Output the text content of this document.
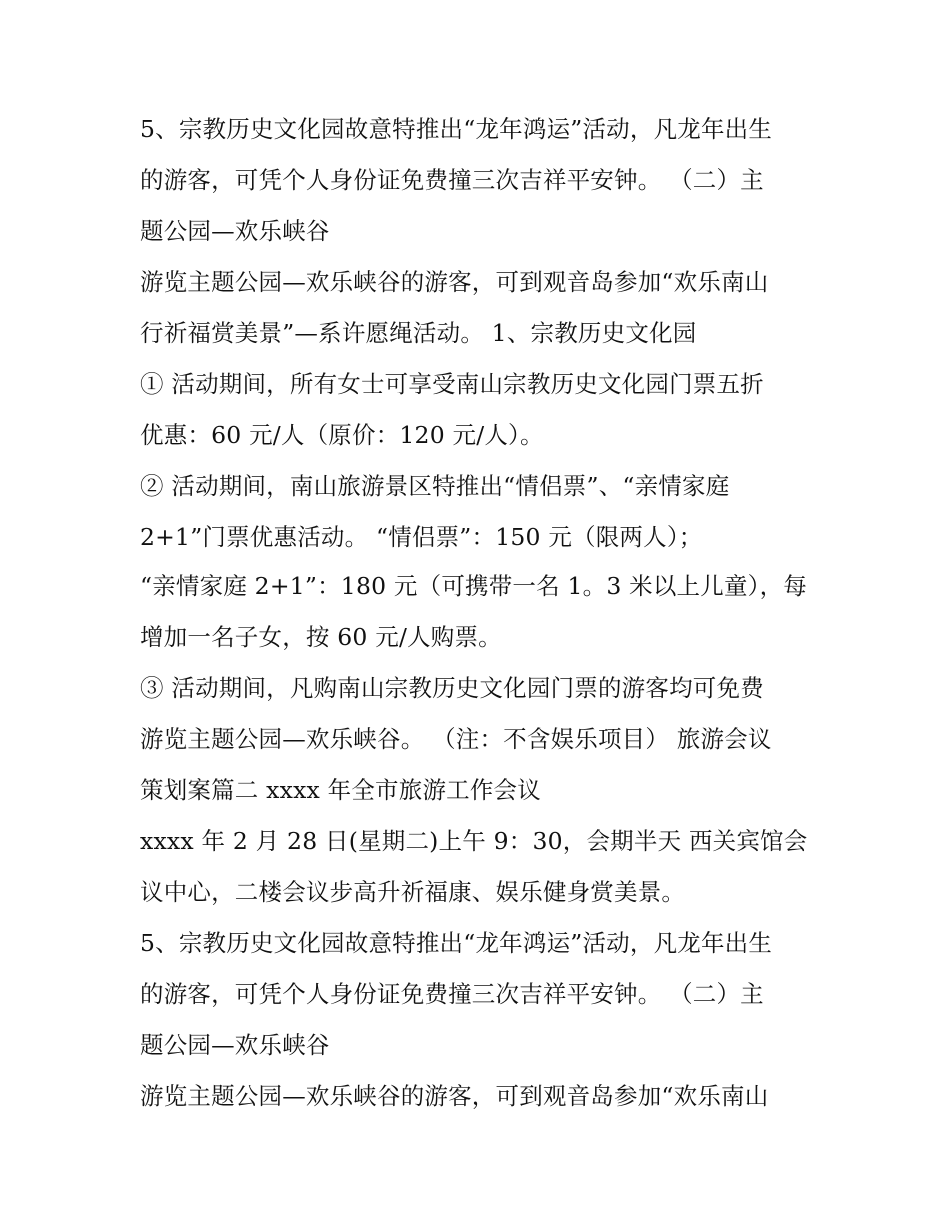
5、宗教历史文化园故意特推出“龙年鸿运”活动，凡龙年出生
的游客，可凭个人身份证免费撞三次吉祥平安钟。 （二）主
题公园—欢乐峡谷
游览主题公园—欢乐峡谷的游客，可到观音岛参加“欢乐南山
行祈福赏美景”—系许愿绳活动。 1、宗教历史文化园
① 活动期间，所有女士可享受南山宗教历史文化园门票五折
优惠：60 元/人（原价：120 元/人）。
② 活动期间，南山旅游景区特推出“情侣票”、“亲情家庭
2+1”门票优惠活动。 “情侣票”：150 元（限两人）；
“亲情家庭 2+1”：180 元（可携带一名 1。3 米以上儿童），每
增加一名子女，按 60 元/人购票。
③ 活动期间，凡购南山宗教历史文化园门票的游客均可免费
游览主题公园—欢乐峡谷。 （注：不含娱乐项目） 旅游会议
策划案篇二 xxxx 年全市旅游工作会议
xxxx 年 2 月 28 日(星期二)上午 9：30，会期半天 西关宾馆会
议中心，二楼会议步高升祈福康、娱乐健身赏美景。
5、宗教历史文化园故意特推出“龙年鸿运”活动，凡龙年出生
的游客，可凭个人身份证免费撞三次吉祥平安钟。 （二）主
题公园—欢乐峡谷
游览主题公园—欢乐峡谷的游客，可到观音岛参加“欢乐南山
